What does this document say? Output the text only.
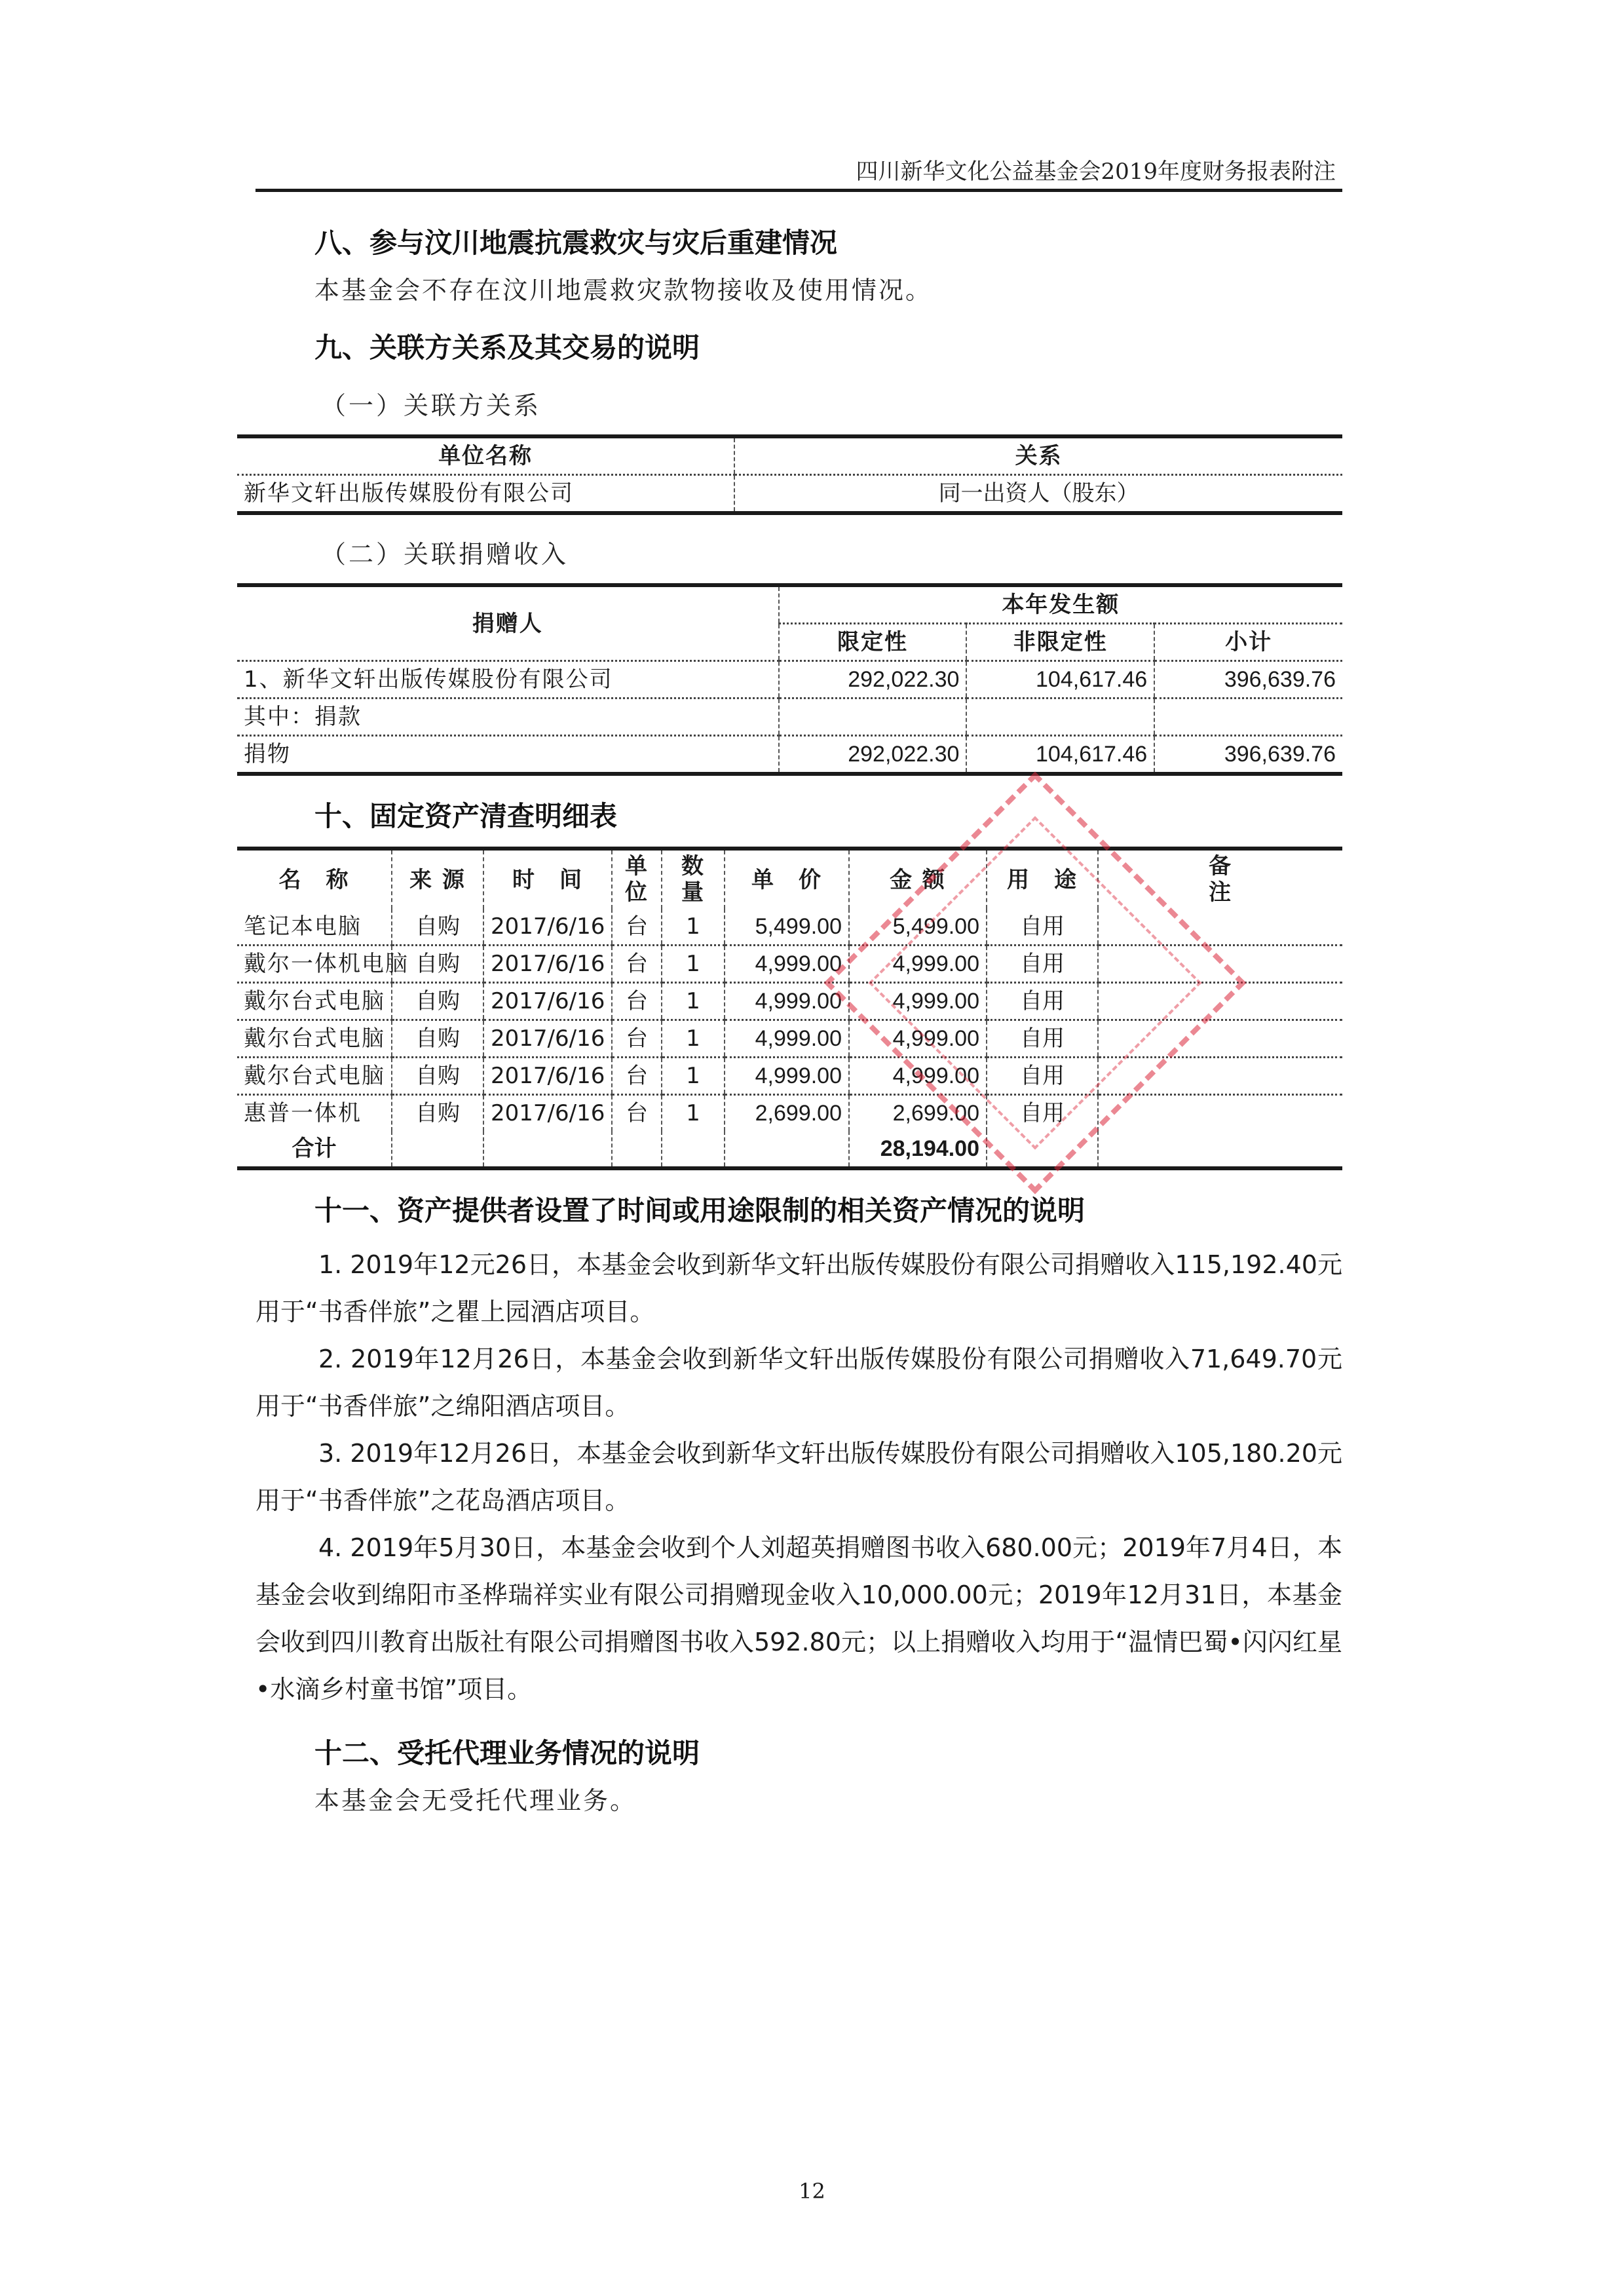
四川新华文化公益基金会2019年度财务报表附注
八、参与汶川地震抗震救灾与灾后重建情况
本基金会不存在汶川地震救灾款物接收及使用情况。
九、关联方关系及其交易的说明
（一）关联方关系
单位名称	关系
新华文轩出版传媒股份有限公司	同一出资人（股东）
（二）关联捐赠收入
捐赠人	本年发生额		
	限定性	非限定性	小计
1、新华文轩出版传媒股份有限公司	292,022.30	104,617.46	396,639.76
其中：捐款			
捐物	292,022.30	104,617.46	396,639.76
十、固定资产清查明细表
名　称	来 源	时　间	单位	数量	单　价	金 额	用　途	备注
笔记本电脑	自购	2017/6/16	台	1	5,499.00	5,499.00	自用	
戴尔一体机电脑	自购	2017/6/16	台	1	4,999.00	4,999.00	自用	
戴尔台式电脑	自购	2017/6/16	台	1	4,999.00	4,999.00	自用	
戴尔台式电脑	自购	2017/6/16	台	1	4,999.00	4,999.00	自用	
戴尔台式电脑	自购	2017/6/16	台	1	4,999.00	4,999.00	自用	
惠普一体机	自购	2017/6/16	台	1	2,699.00	2,699.00	自用	
合计						28,194.00		
十一、资产提供者设置了时间或用途限制的相关资产情况的说明
1. 2019年12元26日，本基金会收到新华文轩出版传媒股份有限公司捐赠收入115,192.40元用于“书香伴旅”之瞿上园酒店项目。
2. 2019年12月26日，本基金会收到新华文轩出版传媒股份有限公司捐赠收入71,649.70元用于“书香伴旅”之绵阳酒店项目。
3. 2019年12月26日，本基金会收到新华文轩出版传媒股份有限公司捐赠收入105,180.20元用于“书香伴旅”之花岛酒店项目。
4. 2019年5月30日，本基金会收到个人刘超英捐赠图书收入680.00元；2019年7月4日，本基金会收到绵阳市圣桦瑞祥实业有限公司捐赠现金收入10,000.00元；2019年12月31日，本基金会收到四川教育出版社有限公司捐赠图书收入592.80元；以上捐赠收入均用于“温情巴蜀•闪闪红星•水滴乡村童书馆”项目。
十二、受托代理业务情况的说明
本基金会无受托代理业务。
12
